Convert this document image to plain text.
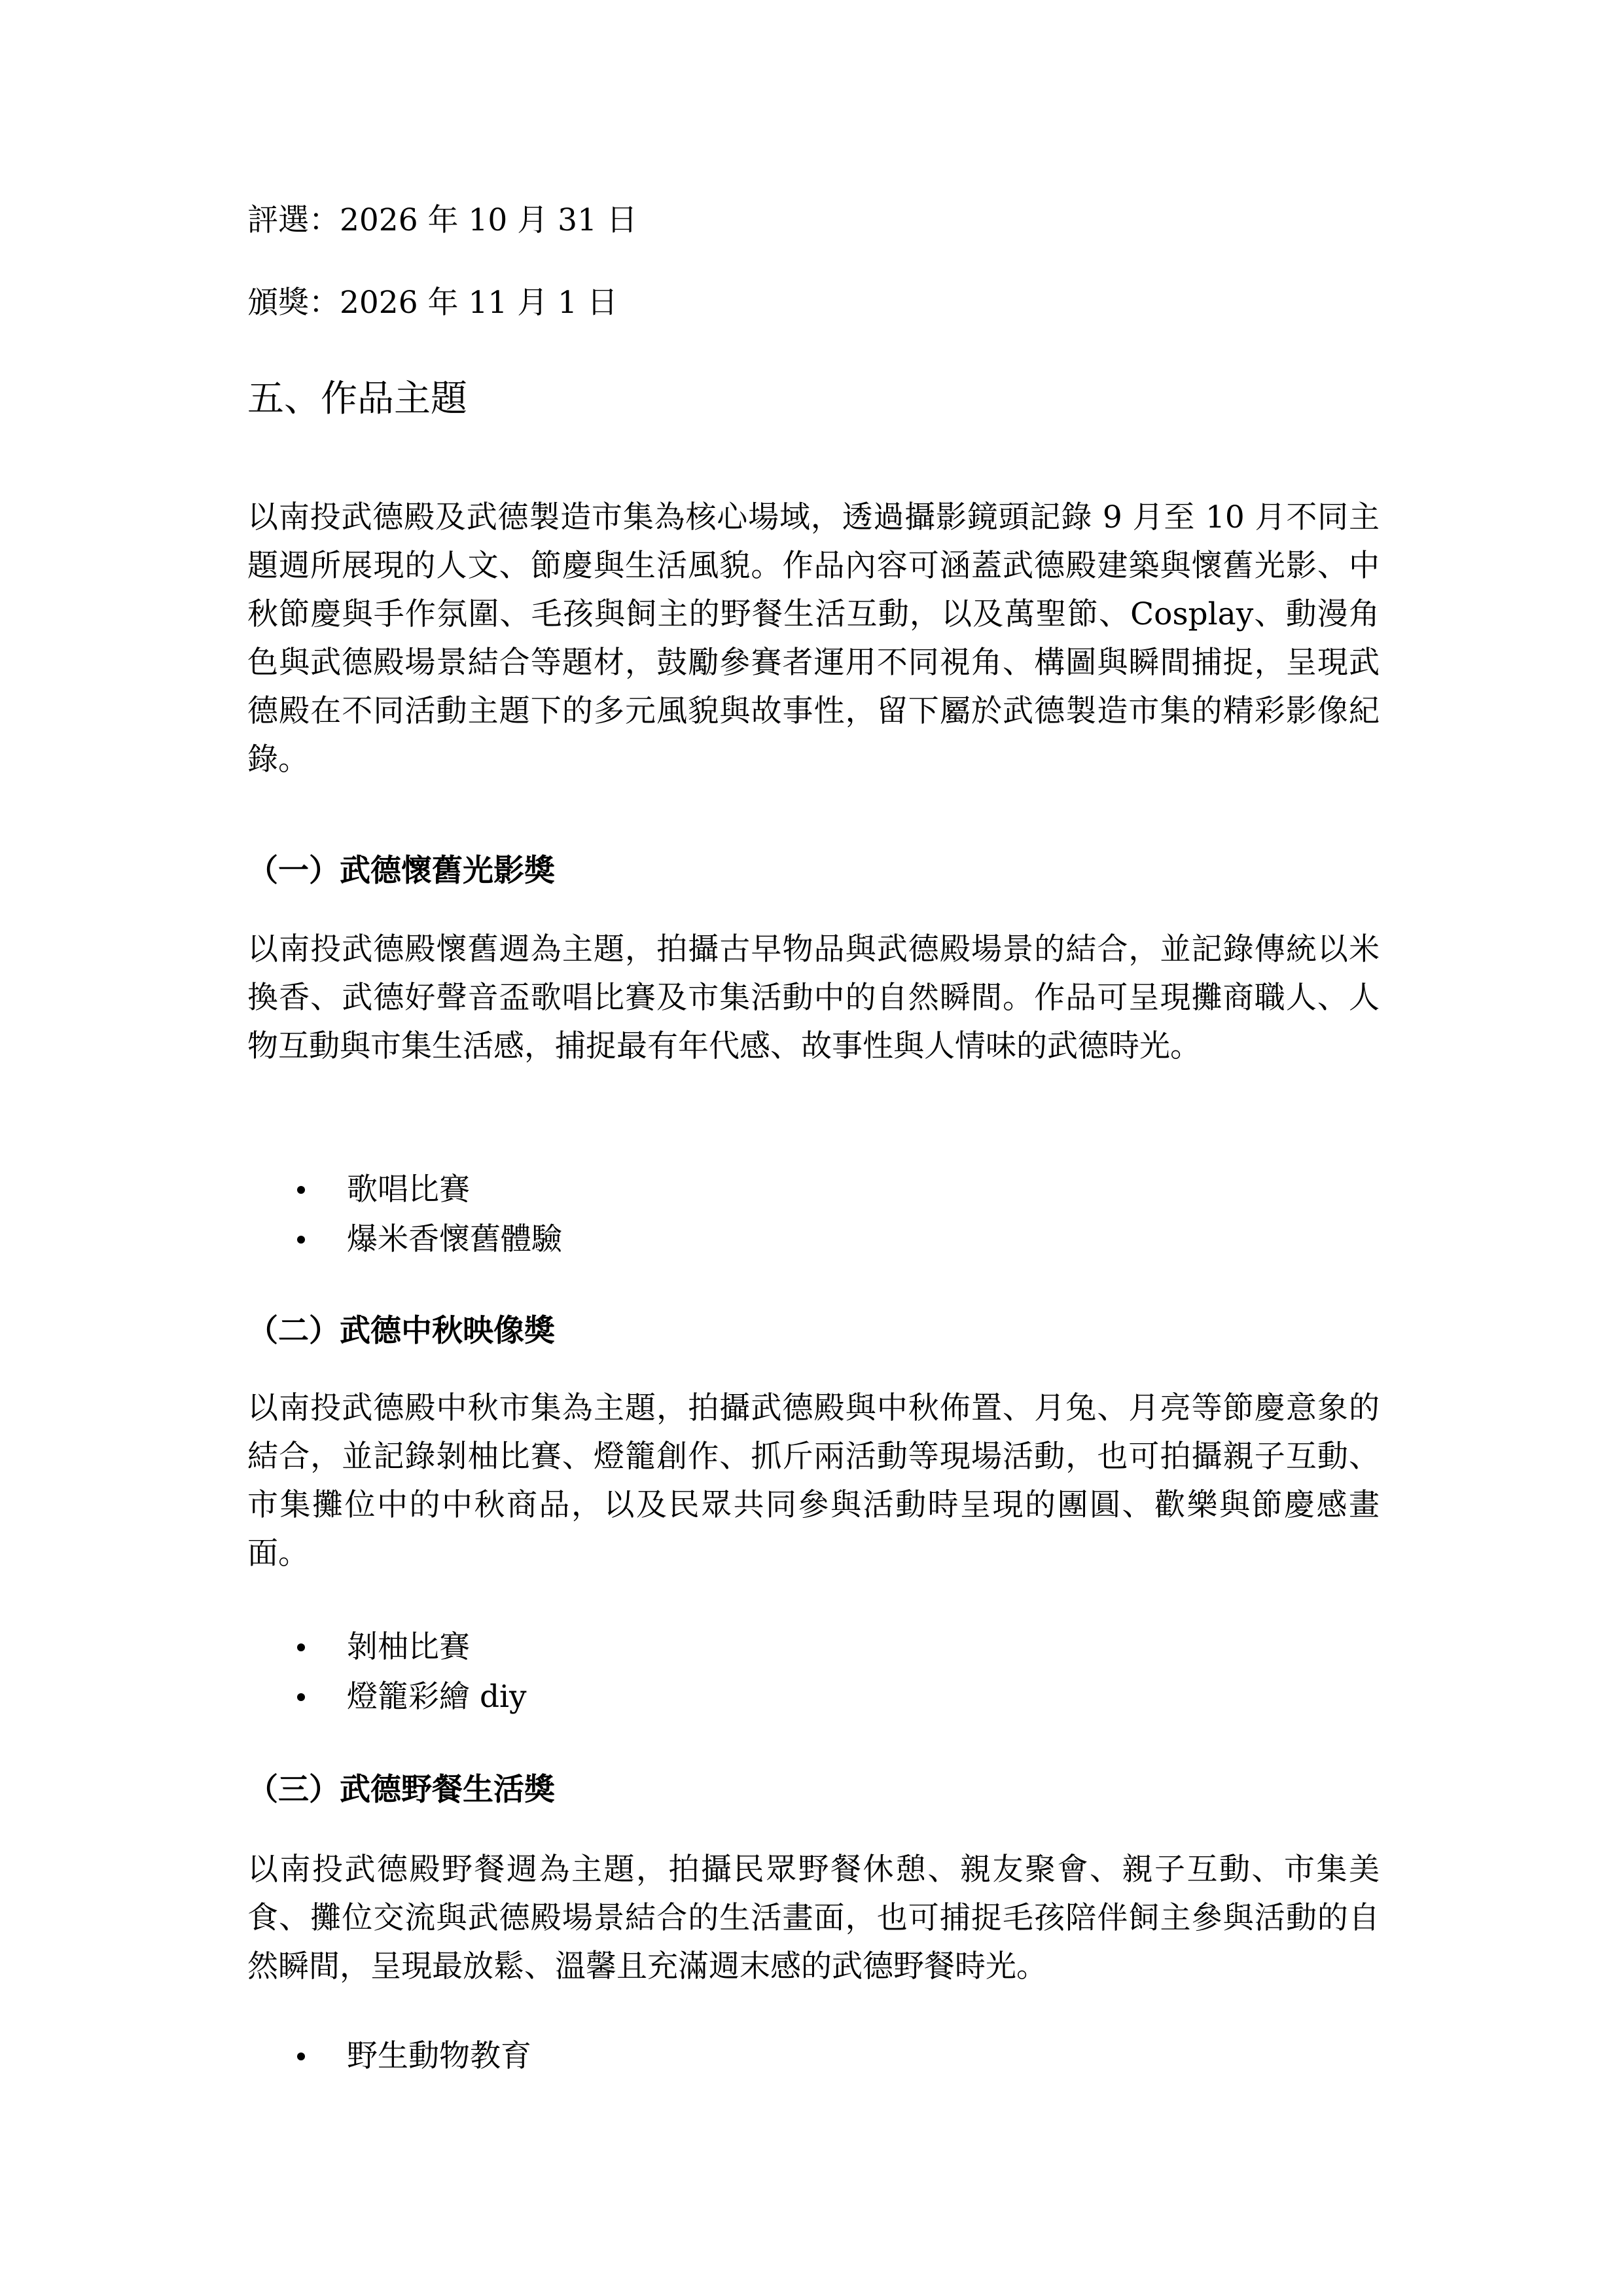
評選：2026 年 10 月 31 日

頒獎：2026 年 11 月 1 日

五、作品主題

以南投武德殿及武德製造市集為核心場域，透過攝影鏡頭記錄 9 月至 10 月不同主題週所展現的人文、節慶與生活風貌。作品內容可涵蓋武德殿建築與懷舊光影、中秋節慶與手作氛圍、毛孩與飼主的野餐生活互動，以及萬聖節、Cosplay、動漫角色與武德殿場景結合等題材，鼓勵參賽者運用不同視角、構圖與瞬間捕捉，呈現武德殿在不同活動主題下的多元風貌與故事性，留下屬於武德製造市集的精彩影像紀錄。

（一）武德懷舊光影獎

以南投武德殿懷舊週為主題，拍攝古早物品與武德殿場景的結合，並記錄傳統以米換香、武德好聲音盃歌唱比賽及市集活動中的自然瞬間。作品可呈現攤商職人、人物互動與市集生活感，捕捉最有年代感、故事性與人情味的武德時光。

歌唱比賽
爆米香懷舊體驗
（二）武德中秋映像獎

以南投武德殿中秋市集為主題，拍攝武德殿與中秋佈置、月兔、月亮等節慶意象的結合，並記錄剝柚比賽、燈籠創作、抓斤兩活動等現場活動，也可拍攝親子互動、市集攤位中的中秋商品，以及民眾共同參與活動時呈現的團圓、歡樂與節慶感畫面。

剝柚比賽
燈籠彩繪 diy
（三）武德野餐生活獎

以南投武德殿野餐週為主題，拍攝民眾野餐休憩、親友聚會、親子互動、市集美食、攤位交流與武德殿場景結合的生活畫面，也可捕捉毛孩陪伴飼主參與活動的自然瞬間，呈現最放鬆、溫馨且充滿週末感的武德野餐時光。

野生動物教育
